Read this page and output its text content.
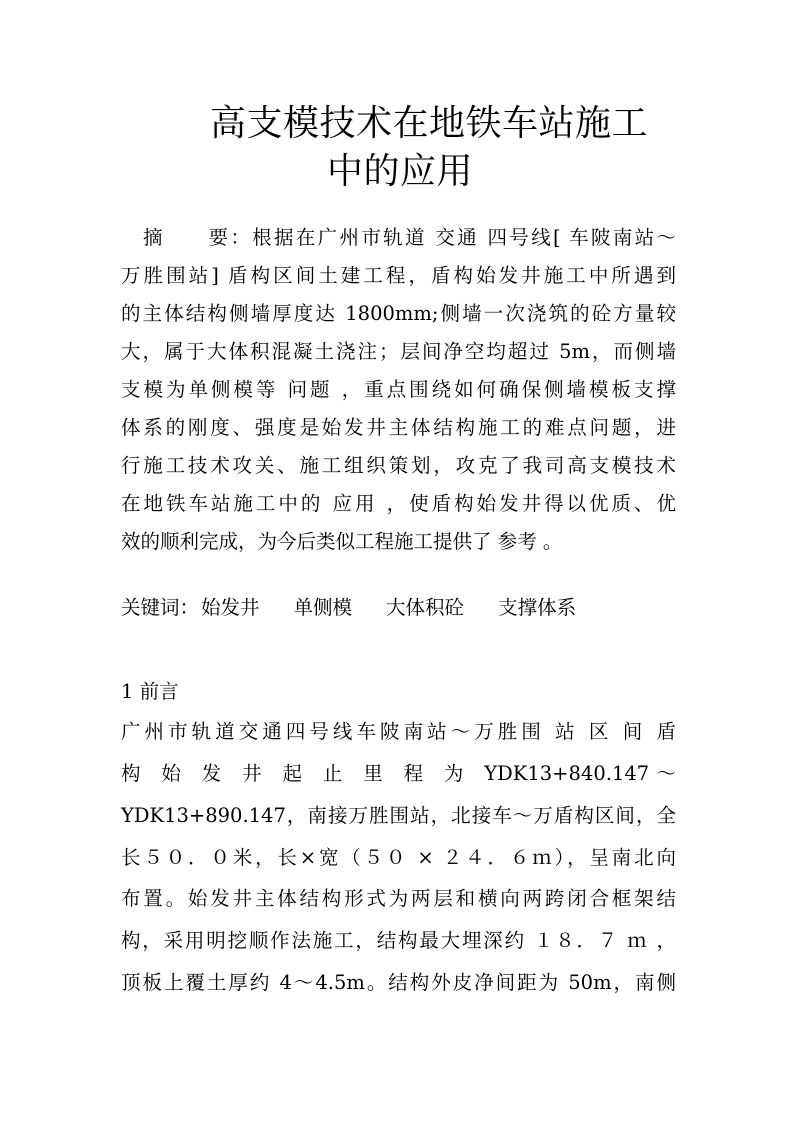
高支模技术在地铁车站施工
中的应用
摘　　要：根据在广州市轨道 交通 四号线[ 车陂南站～
万胜围站] 盾构区间土建工程，盾构始发井施工中所遇到
的主体结构侧墙厚度达 1800mm;侧墙一次浇筑的砼方量较
大，属于大体积混凝土浇注；层间净空均超过 5m，而侧墙
支模为单侧模等 问题 ，重点围绕如何确保侧墙模板支撑
体系的刚度、强度是始发井主体结构施工的难点问题，进
行施工技术攻关、施工组织策划，攻克了我司高支模技术
在地铁车站施工中的 应用 ，使盾构始发井得以优质、优
效的顺利完成，为今后类似工程施工提供了 参考 。
关键词： 始发井 单侧模 大体积砼 支撑体系
1 前言
广州市轨道交通四号线车陂南站～万胜围 站 区 间 盾
构 始 发 井 起 止 里 程 为 YDK13+840.147～
YDK13+890.147，南接万胜围站，北接车～万盾构区间，全
长５０．０米，长×宽（５０ × ２４．６ｍ），呈南北向
布置。始发井主体结构形式为两层和横向两跨闭合框架结
构，采用明挖顺作法施工，结构最大埋深约 １８．７ ｍ ，
顶板上覆土厚约 4～4.5m。结构外皮净间距为 50m，南侧
